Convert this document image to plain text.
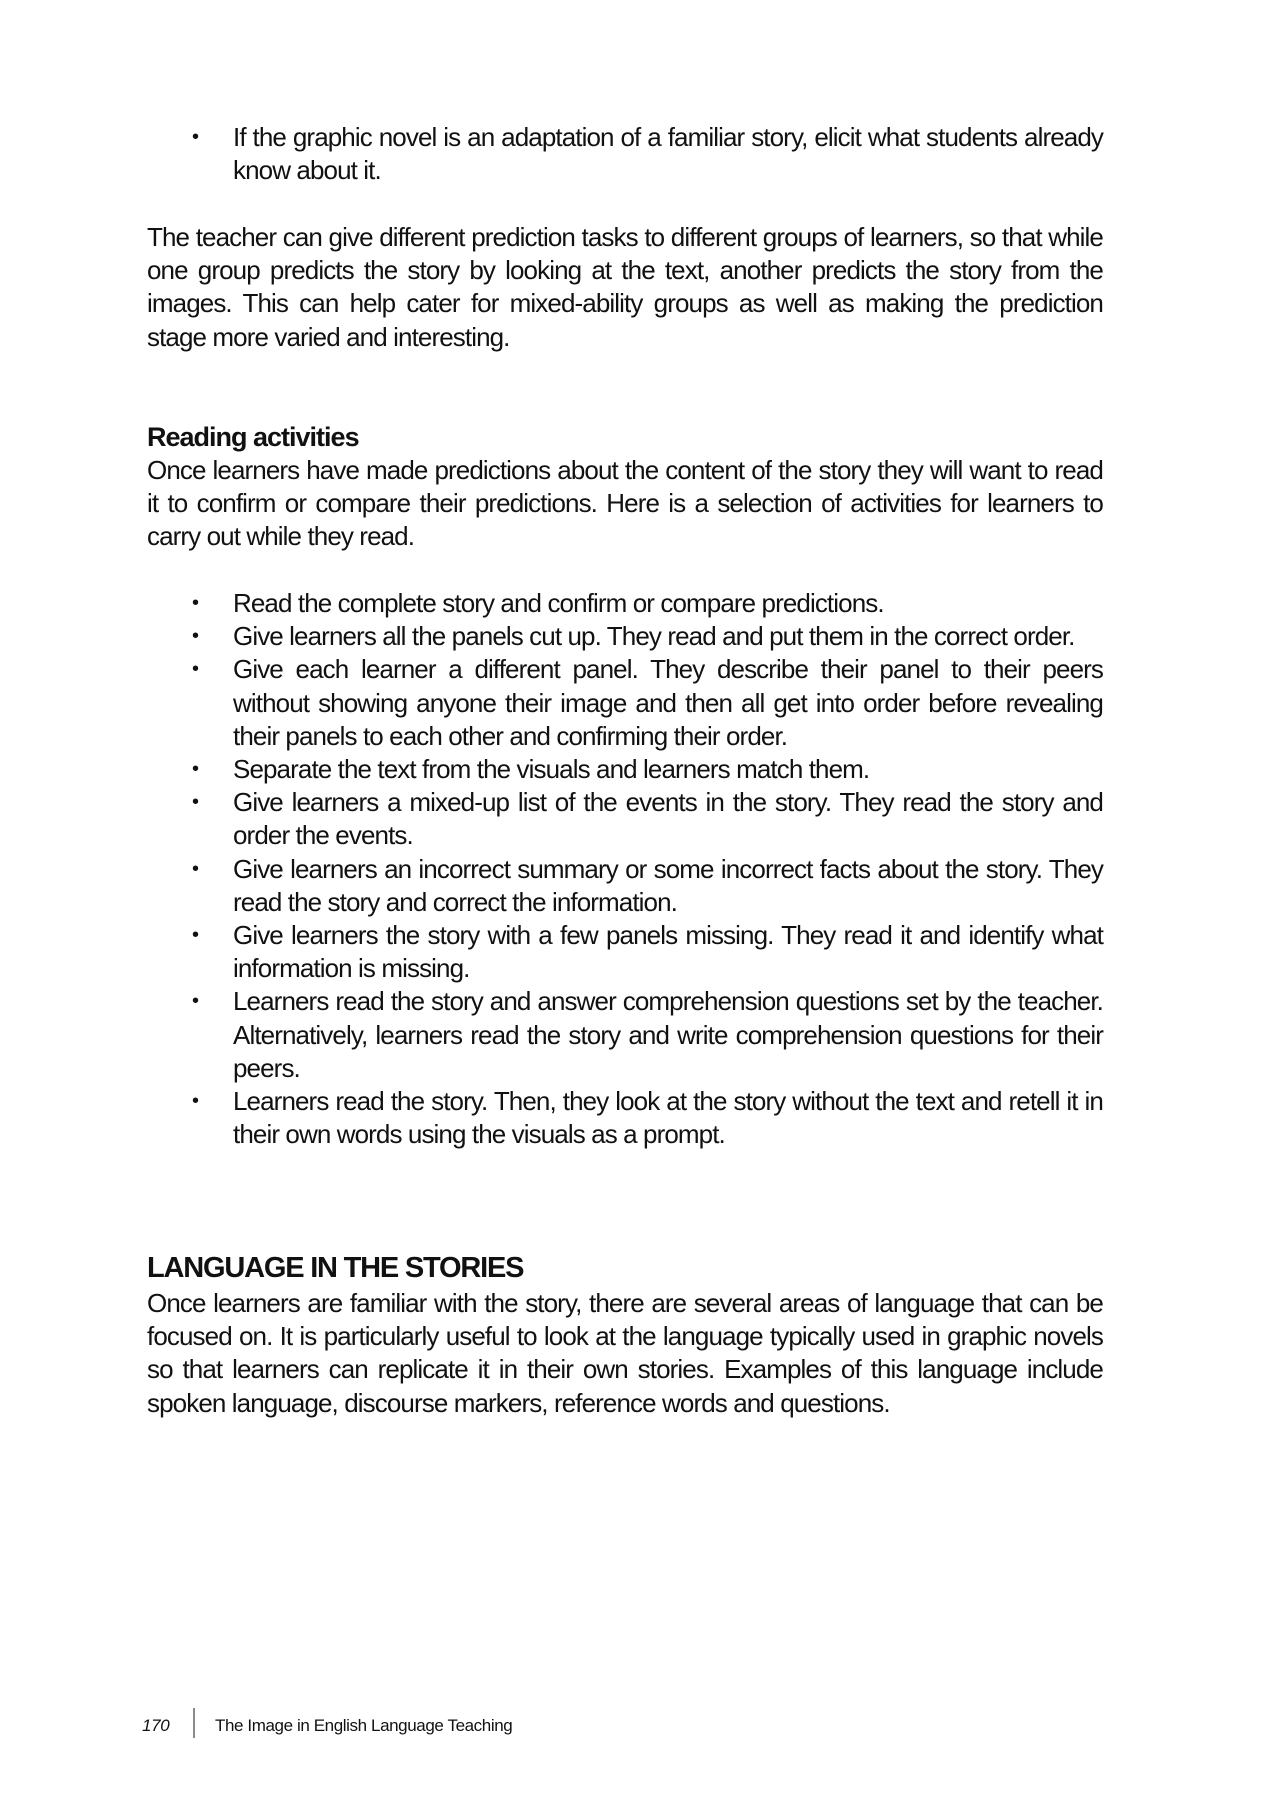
• If the graphic novel is an adaptation of a familiar story, elicit what students already know about it.

The teacher can give different prediction tasks to different groups of learners, so that while one group predicts the story by looking at the text, another predicts the story from the images. This can help cater for mixed-ability groups as well as making the prediction stage more varied and interesting.

Reading activities

Once learners have made predictions about the content of the story they will want to read it to confirm or compare their predictions. Here is a selection of activities for learners to carry out while they read.

• Read the complete story and confirm or compare predictions.
• Give learners all the panels cut up. They read and put them in the correct order.
• Give each learner a different panel. They describe their panel to their peers without showing anyone their image and then all get into order before revealing their panels to each other and confirming their order.
• Separate the text from the visuals and learners match them.
• Give learners a mixed-up list of the events in the story. They read the story and order the events.
• Give learners an incorrect summary or some incorrect facts about the story. They read the story and correct the information.
• Give learners the story with a few panels missing. They read it and identify what information is missing.
• Learners read the story and answer comprehension questions set by the teacher. Alternatively, learners read the story and write comprehension questions for their peers.
• Learners read the story. Then, they look at the story without the text and retell it in their own words using the visuals as a prompt.
LANGUAGE IN THE STORIES

Once learners are familiar with the story, there are several areas of language that can be focused on. It is particularly useful to look at the language typically used in graphic novels so that learners can replicate it in their own stories. Examples of this language include spoken language, discourse markers, reference words and questions.

170	The Image in English Language Teaching
